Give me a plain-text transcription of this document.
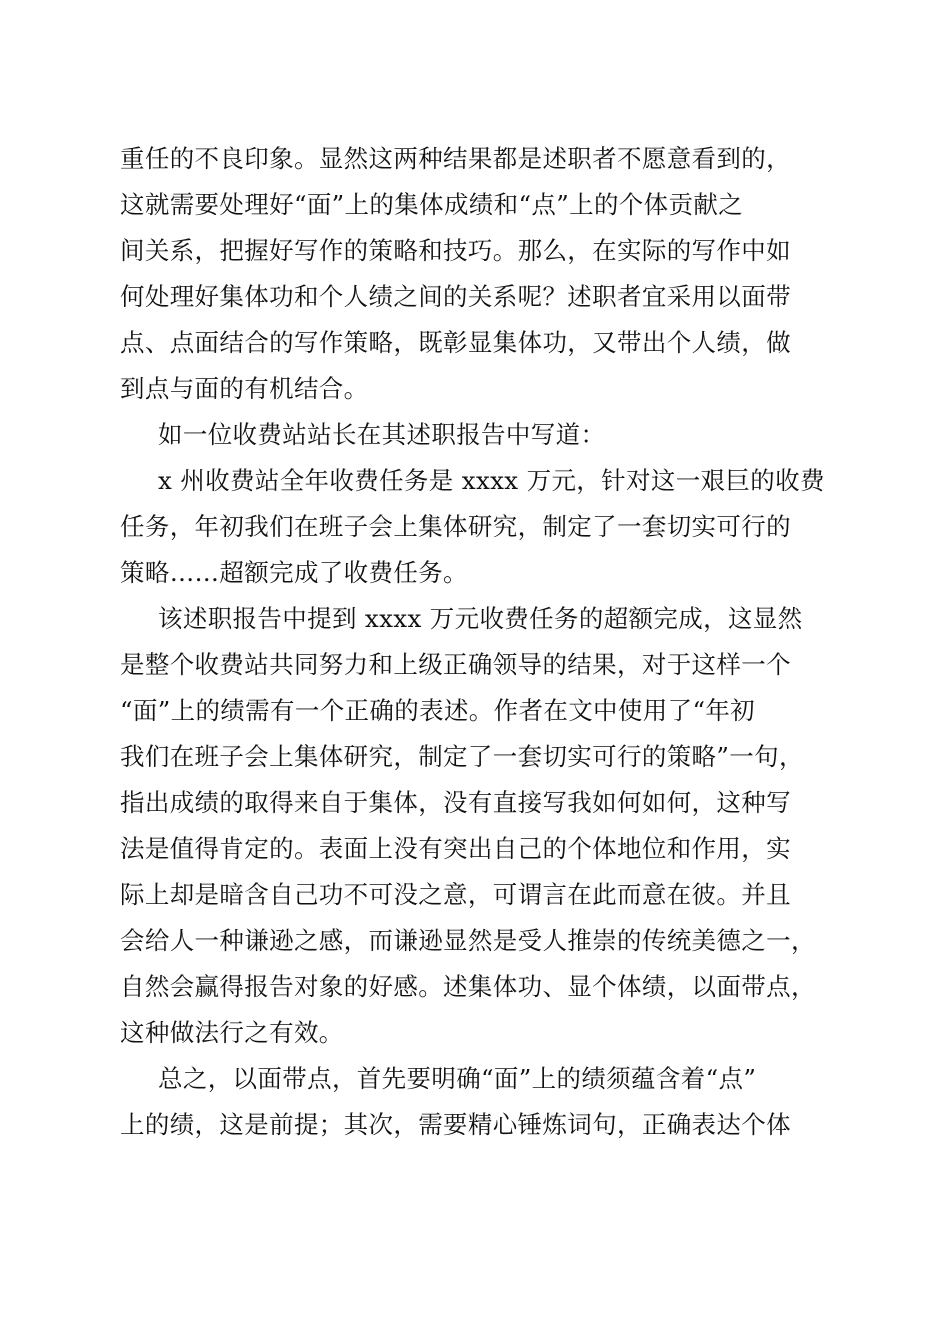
重任的不良印象。显然这两种结果都是述职者不愿意看到的，
这就需要处理好“面”上的集体成绩和“点”上的个体贡献之
间关系，把握好写作的策略和技巧。那么，在实际的写作中如
何处理好集体功和个人绩之间的关系呢？述职者宜采用以面带
点、点面结合的写作策略，既彰显集体功，又带出个人绩，做
到点与面的有机结合。
如一位收费站站长在其述职报告中写道：
x 州收费站全年收费任务是 xxxx 万元，针对这一艰巨的收费
任务，年初我们在班子会上集体研究，制定了一套切实可行的
策略……超额完成了收费任务。
该述职报告中提到 xxxx 万元收费任务的超额完成，这显然
是整个收费站共同努力和上级正确领导的结果，对于这样一个
“面”上的绩需有一个正确的表述。作者在文中使用了“年初
我们在班子会上集体研究，制定了一套切实可行的策略”一句，
指出成绩的取得来自于集体，没有直接写我如何如何，这种写
法是值得肯定的。表面上没有突出自己的个体地位和作用，实
际上却是暗含自己功不可没之意，可谓言在此而意在彼。并且
会给人一种谦逊之感，而谦逊显然是受人推崇的传统美德之一，
自然会赢得报告对象的好感。述集体功、显个体绩，以面带点，
这种做法行之有效。
总之，以面带点，首先要明确“面”上的绩须蕴含着“点”
上的绩，这是前提；其次，需要精心锤炼词句，正确表达个体
